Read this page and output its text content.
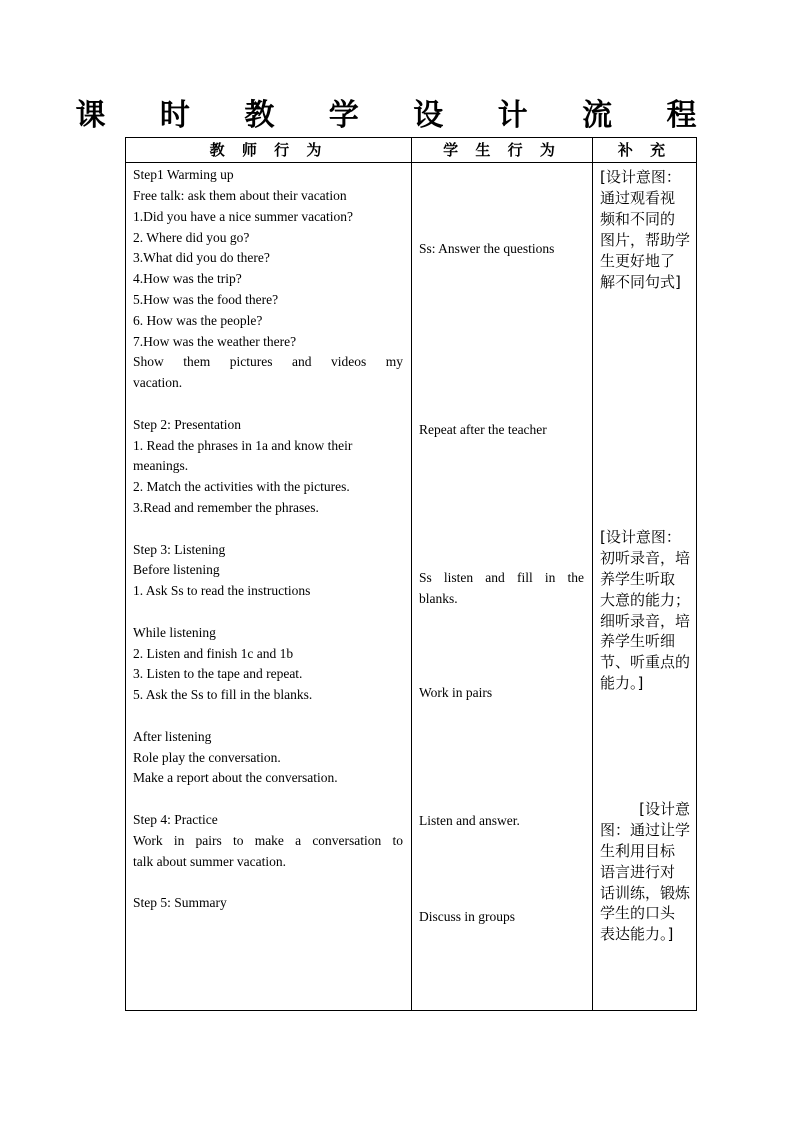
课 时 教 学 设 计 流 程
教 师 行 为	学 生 行 为	补 充
Step1 Warming up
Free talk: ask them about their vacation
1.Did you have a nice summer vacation?
2. Where did you go?
3.What did you do there?
4.How was the trip?
5.How was the food there?
6. How was the people?
7.How was the weather there?
Show them pictures and videos my
vacation.
Step 2: Presentation
1. Read the phrases in 1a and know their
meanings.
2. Match the activities with the pictures.
3.Read and remember the phrases.
Step 3: Listening
Before listening
1. Ask Ss to read the instructions
While listening
2. Listen and finish 1c and 1b
3. Listen to the tape and repeat.
5. Ask the Ss to fill in the blanks.
After listening
Role play the conversation.
Make a report about the conversation.
Step 4: Practice
Work in pairs to make a conversation to
talk about summer vacation.
Step 5: Summary
Ss: Answer the questions
Repeat after the teacher
Ss listen and fill in the
blanks.
Work in pairs
Listen and answer.
Discuss in groups
[设计意图：
通过观看视
频和不同的
图片，帮助学
生更好地了
解不同句式]
[设计意图：
初听录音，培
养学生听取
大意的能力；
细听录音，培
养学生听细
节、听重点的
能力。]
[设计意
图：通过让学
生利用目标
语言进行对
话训练，锻炼
学生的口头
表达能力。]
